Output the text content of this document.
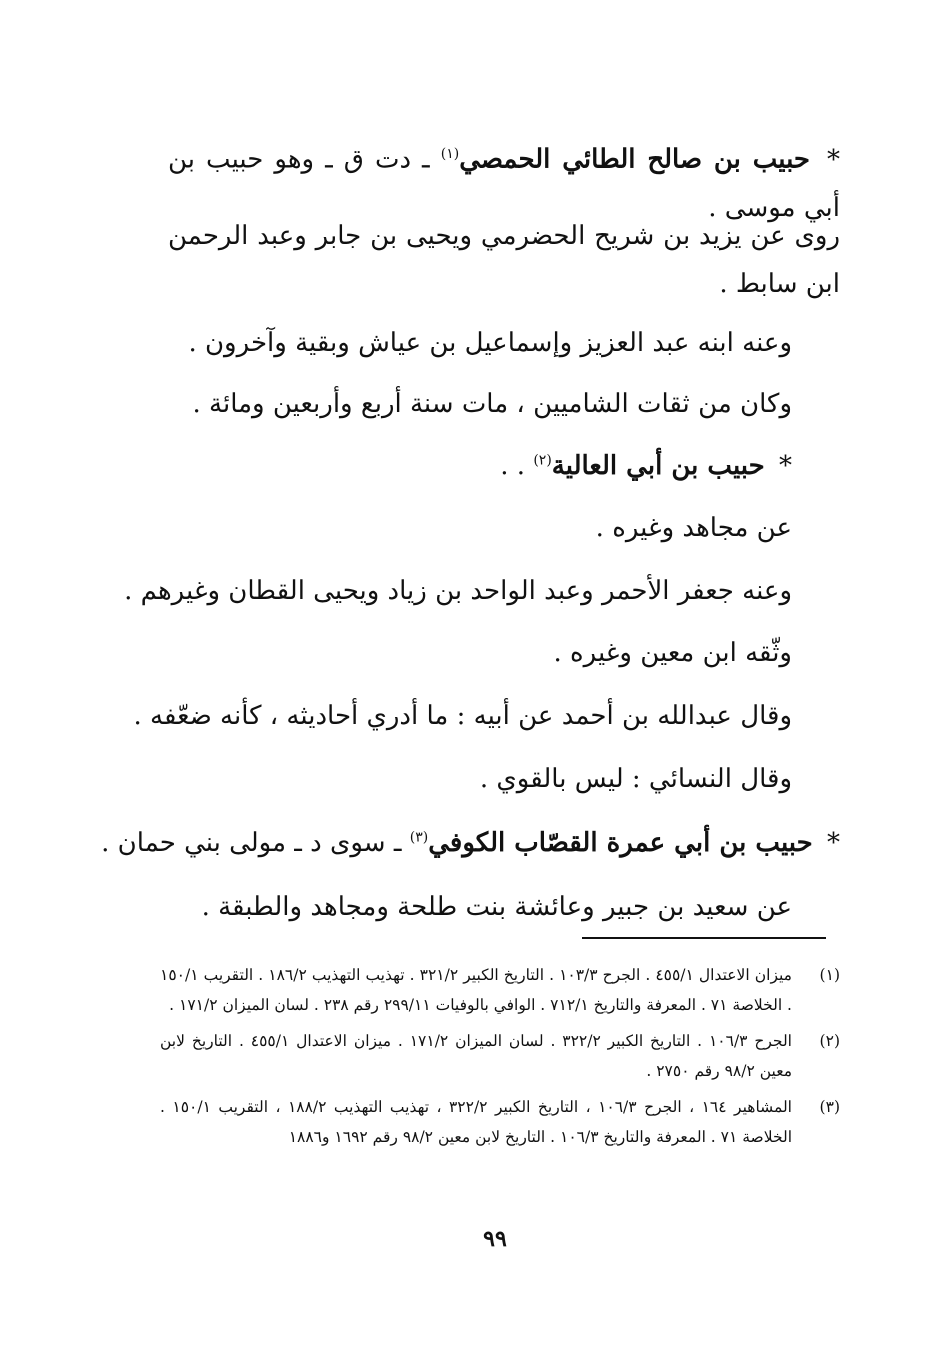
* حبيب بن صالح الطائي الحمصي$^{(١)}$ ـ دت ق ـ وهو حبيب بن أبي موسى .

روى عن يزيد بن شريح الحضرمي ويحيى بن جابر وعبد الرحمن ابن سابط .

وعنه ابنه عبد العزيز وإسماعيل بن عياش وبقية وآخرون .

وكان من ثقات الشاميين ، مات سنة أربع وأربعين ومائة .

* حبيب بن أبي العالية$^{(٢)}$ . .

عن مجاهد وغيره .

وعنه جعفر الأحمر وعبد الواحد بن زياد ويحيى القطان وغيرهم .

وثّقه ابن معين وغيره .

وقال عبدالله بن أحمد عن أبيه : ما أدري أحاديثه ، كأنه ضعّفه .

وقال النسائي : ليس بالقوي .

* حبيب بن أبي عمرة القصّاب الكوفي$^{(٣)}$ ـ سوى د ـ مولى بني حمان .

عن سعيد بن جبير وعائشة بنت طلحة ومجاهد والطبقة .

(١)
ميزان الاعتدال ٤٥٥/١ . الجرح ١٠٣/٣ . التاريخ الكبير ٣٢١/٢ . تهذيب التهذيب ١٨٦/٢ . التقريب ١٥٠/١ . الخلاصة ٧١ . المعرفة والتاريخ ٧١٢/١ . الوافي بالوفيات ٢٩٩/١١ رقم ٢٣٨ . لسان الميزان ١٧١/٢ .
(٢)
الجرح ١٠٦/٣ . التاريخ الكبير ٣٢٢/٢ . لسان الميزان ١٧١/٢ . ميزان الاعتدال ٤٥٥/١ . التاريخ لابن معين ٩٨/٢ رقم ٢٧٥٠ .
(٣)
المشاهير ١٦٤ ، الجرح ١٠٦/٣ ، التاريخ الكبير ٣٢٢/٢ ، تهذيب التهذيب ١٨٨/٢ ، التقريب ١٥٠/١ . الخلاصة ٧١ . المعرفة والتاريخ ١٠٦/٣ . التاريخ لابن معين ٩٨/٢ رقم ١٦٩٢ و١٨٨٦
٩٩
